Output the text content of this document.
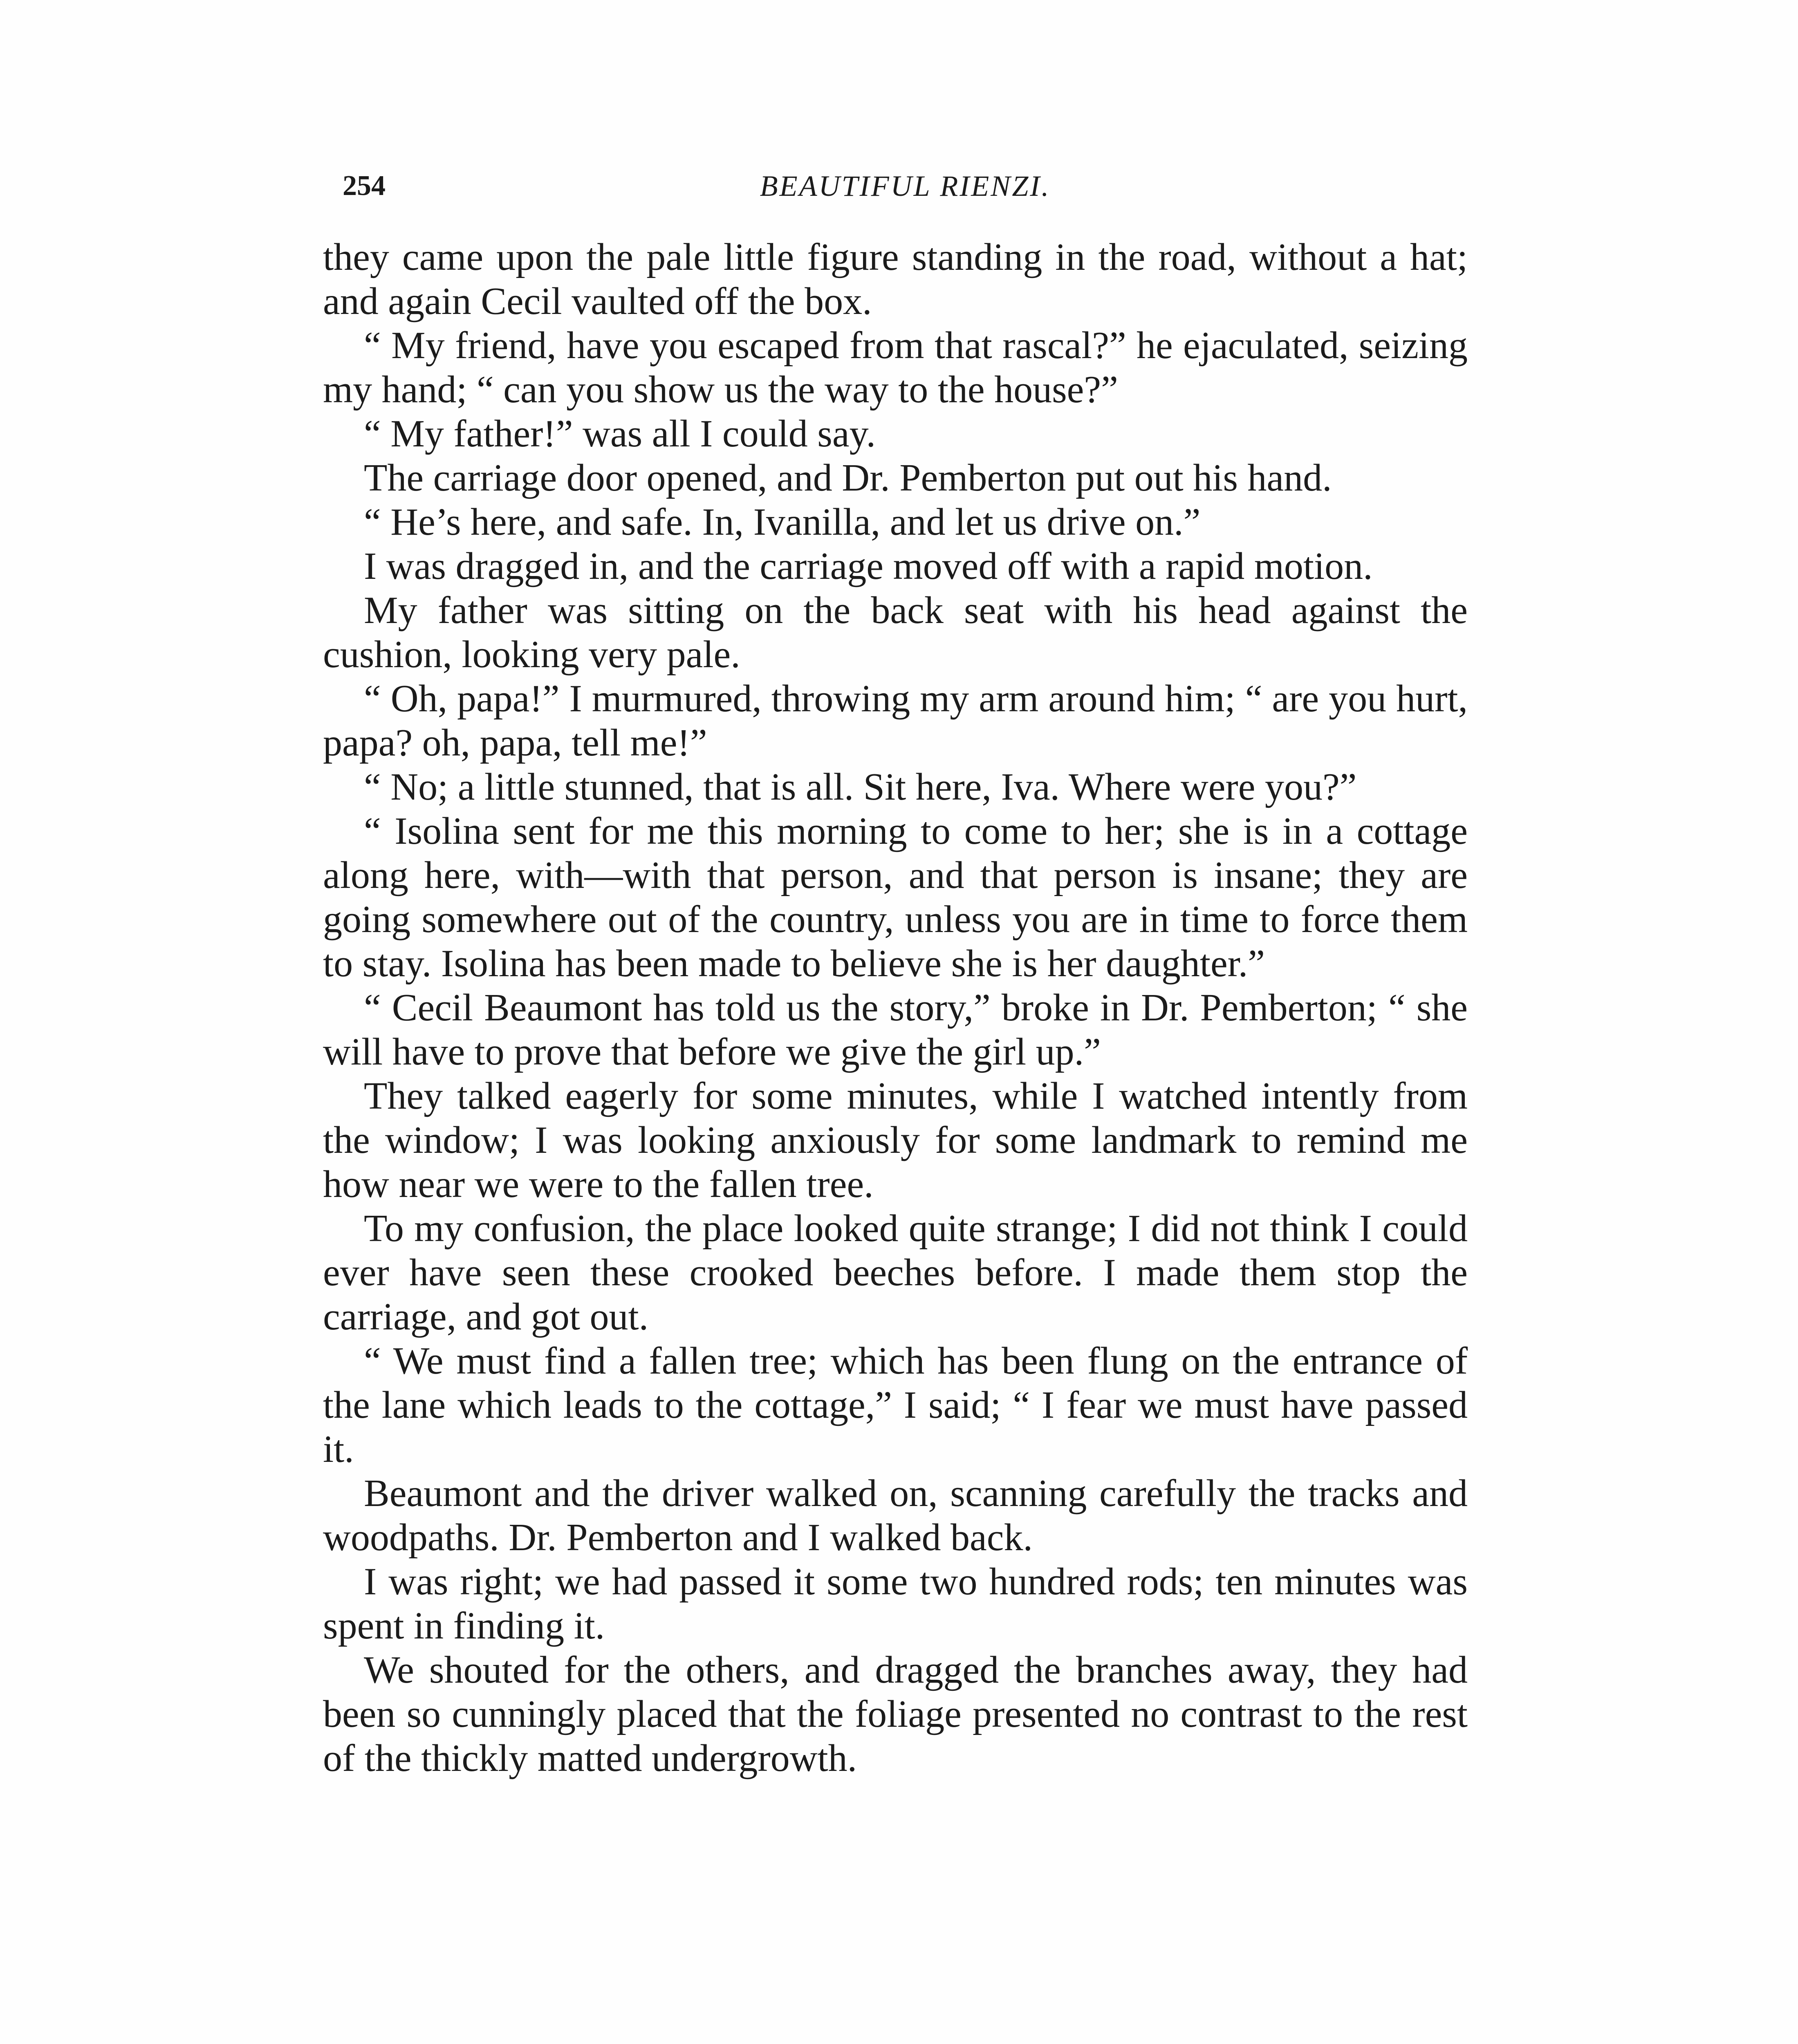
254	BEAUTIFUL RIENZI.

they came upon the pale little figure standing in the road, without a hat; and again Cecil vaulted off the box.

“ My friend, have you escaped from that rascal?” he ejaculated, seizing my hand; “ can you show us the way to the house?”

“ My father!” was all I could say.

The carriage door opened, and Dr. Pemberton put out his hand.

“ He’s here, and safe. In, Ivanilla, and let us drive on.”

I was dragged in, and the carriage moved off with a rapid motion.

My father was sitting on the back seat with his head against the cushion, looking very pale.

“ Oh, papa!” I murmured, throwing my arm around him; “ are you hurt, papa? oh, papa, tell me!”

“ No; a little stunned, that is all. Sit here, Iva. Where were you?”

“ Isolina sent for me this morning to come to her; she is in a cottage along here, with—with that person, and that person is insane; they are going somewhere out of the country, unless you are in time to force them to stay. Isolina has been made to believe she is her daughter.”

“ Cecil Beaumont has told us the story,” broke in Dr. Pemberton; “ she will have to prove that before we give the girl up.”

They talked eagerly for some minutes, while I watched intently from the window; I was looking anxiously for some landmark to remind me how near we were to the fallen tree.

To my confusion, the place looked quite strange; I did not think I could ever have seen these crooked beeches before. I made them stop the carriage, and got out.

“ We must find a fallen tree; which has been flung on the entrance of the lane which leads to the cottage,” I said; “ I fear we must have passed it.

Beaumont and the driver walked on, scanning carefully the tracks and woodpaths. Dr. Pemberton and I walked back.

I was right; we had passed it some two hundred rods; ten minutes was spent in finding it.

We shouted for the others, and dragged the branches away, they had been so cunningly placed that the foliage presented no contrast to the rest of the thickly matted undergrowth.
